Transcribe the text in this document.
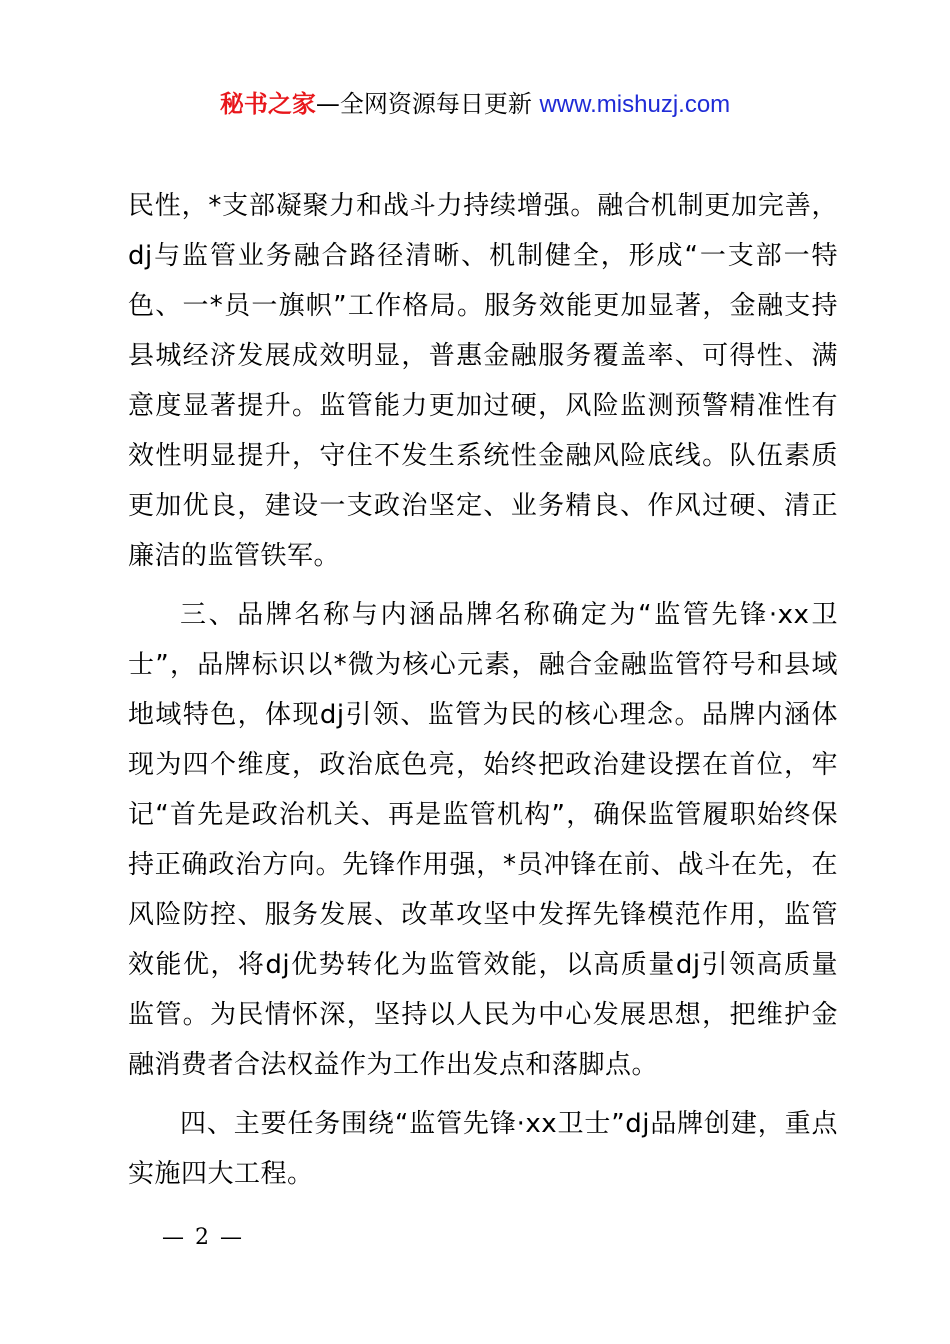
秘书之家—全网资源每日更新 www.mishuzj.com

民性，*支部凝聚力和战斗力持续增强。融合机制更加完善，dj与监管业务融合路径清晰、机制健全，形成“一支部一特色、一*员一旗帜”工作格局。服务效能更加显著，金融支持县城经济发展成效明显，普惠金融服务覆盖率、可得性、满意度显著提升。监管能力更加过硬，风险监测预警精准性有效性明显提升，守住不发生系统性金融风险底线。队伍素质更加优良，建设一支政治坚定、业务精良、作风过硬、清正廉洁的监管铁军。

三、品牌名称与内涵品牌名称确定为“监管先锋·xx卫士”，品牌标识以*微为核心元素，融合金融监管符号和县域地域特色，体现dj引领、监管为民的核心理念。品牌内涵体现为四个维度，政治底色亮，始终把政治建设摆在首位，牢记“首先是政治机关、再是监管机构”，确保监管履职始终保持正确政治方向。先锋作用强，*员冲锋在前、战斗在先，在风险防控、服务发展、改革攻坚中发挥先锋模范作用，监管效能优，将dj优势转化为监管效能，以高质量dj引领高质量监管。为民情怀深，坚持以人民为中心发展思想，把维护金融消费者合法权益作为工作出发点和落脚点。

四、主要任务围绕“监管先锋·xx卫士”dj品牌创建，重点实施四大工程。

— 2 —
